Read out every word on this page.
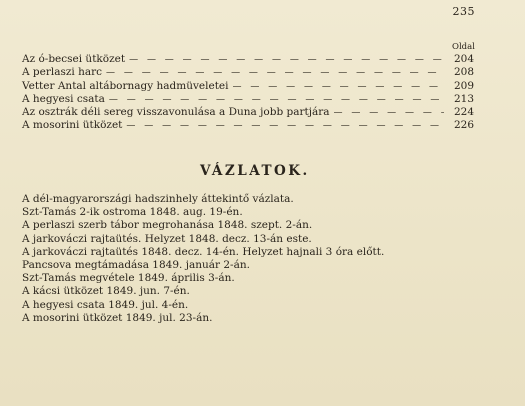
235
Oldal
Az ó-becsei ütközet — — —	204
A perlaszi harc — — —	208
Vetter Antal altábornagy hadmüveletei — — —	209
A hegyesi csata — — —	213
Az osztrák déli sereg visszavonulása a Duna jobb partjára — — —	224
A mosorini ütközet — — —	226
VÁZLATOK.
A dél-magyarországi hadszinhely áttekintő vázlata.
Szt-Tamás 2-ik ostroma 1848. aug. 19-én.
A perlaszi szerb tábor megrohanása 1848. szept. 2-án.
A jarkováczi rajtaütés. Helyzet 1848. decz. 13-án este.
A jarkováczi rajtaütés 1848. decz. 14-én. Helyzet hajnali 3 óra előtt.
Pancsova megtámadása 1849. január 2-án.
Szt-Tamás megvétele 1849. április 3-án.
A kácsi ütközet 1849. jun. 7-én.
A hegyesi csata 1849. jul. 4-én.
A mosorini ütközet 1849. jul. 23-án.
